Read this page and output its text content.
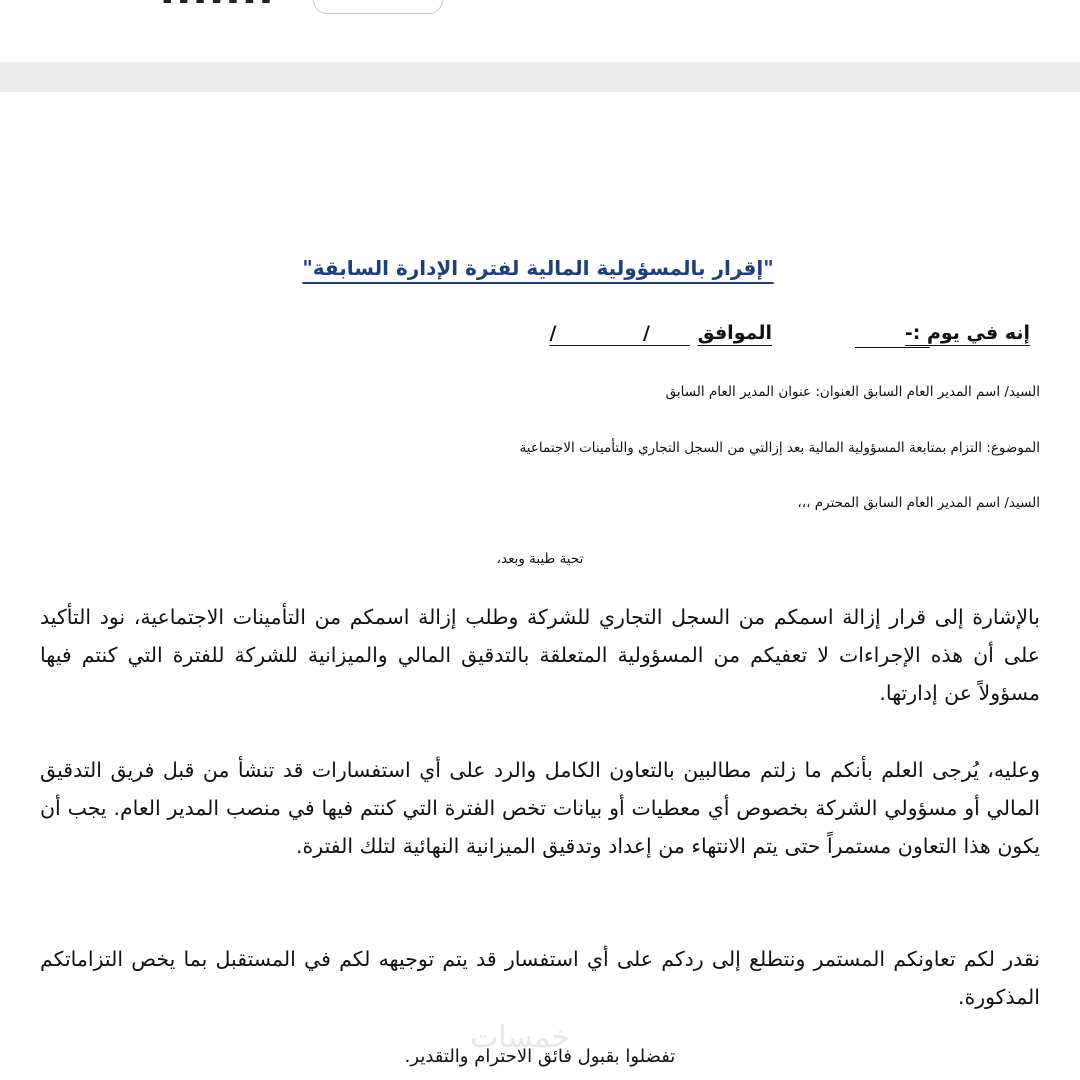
-------
"إقرار بالمسؤولية المالية لفترة الإدارة السابقة"
إنه في يوم :-
الموافق
/ /
السيد/ اسم المدير العام السابق العنوان: عنوان المدير العام السابق
الموضوع: التزام بمتابعة المسؤولية المالية بعد إزالتي من السجل التجاري والتأمينات الاجتماعية
السيد/ اسم المدير العام السابق المحترم ،،،
تحية طيبة وبعد،
بالإشارة إلى قرار إزالة اسمكم من السجل التجاري للشركة وطلب إزالة اسمكم من التأمينات الاجتماعية، نود التأكيد على أن هذه الإجراءات لا تعفيكم من المسؤولية المتعلقة بالتدقيق المالي والميزانية للشركة للفترة التي كنتم فيها مسؤولاً عن إدارتها.
وعليه، يُرجى العلم بأنكم ما زلتم مطالبين بالتعاون الكامل والرد على أي استفسارات قد تنشأ من قبل فريق التدقيق المالي أو مسؤولي الشركة بخصوص أي معطيات أو بيانات تخص الفترة التي كنتم فيها في منصب المدير العام. يجب أن يكون هذا التعاون مستمراً حتى يتم الانتهاء من إعداد وتدقيق الميزانية النهائية لتلك الفترة.
نقدر لكم تعاونكم المستمر ونتطلع إلى ردكم على أي استفسار قد يتم توجيهه لكم في المستقبل بما يخص التزاماتكم المذكورة.
خمسات
تفضلوا بقبول فائق الاحترام والتقدير.
